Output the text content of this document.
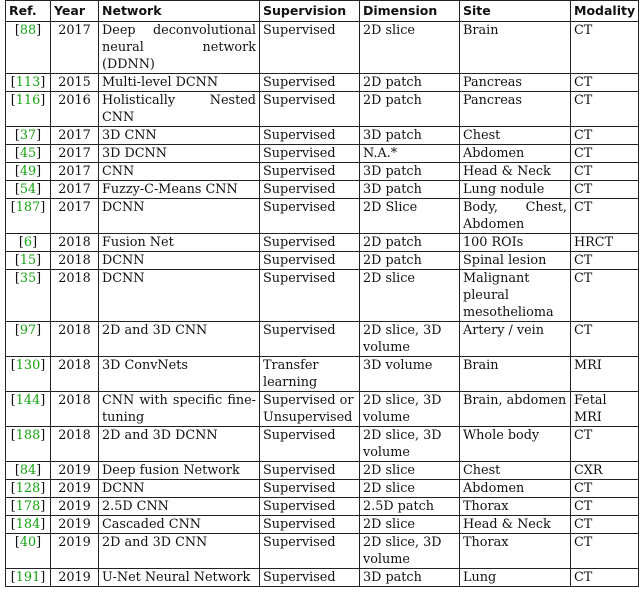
Ref.	Year	Network	Supervision	Dimension	Site	Modality
[88]	2017	Deep deconvolutional neural network (DDNN)	Supervised	2D slice	Brain	CT
[113]	2015	Multi-level DCNN	Supervised	2D patch	Pancreas	CT
[116]	2016	Holistically Nested CNN	Supervised	2D patch	Pancreas	CT
[37]	2017	3D CNN	Supervised	3D patch	Chest	CT
[45]	2017	3D DCNN	Supervised	N.A.*	Abdomen	CT
[49]	2017	CNN	Supervised	3D patch	Head & Neck	CT
[54]	2017	Fuzzy-C-Means CNN	Supervised	3D patch	Lung nodule	CT
[187]	2017	DCNN	Supervised	2D Slice	Body, Chest, Abdomen	CT
[6]	2018	Fusion Net	Supervised	2D patch	100 ROIs	HRCT
[15]	2018	DCNN	Supervised	2D patch	Spinal lesion	CT
[35]	2018	DCNN	Supervised	2D slice	Malignant pleural mesothelioma	CT
[97]	2018	2D and 3D CNN	Supervised	2D slice, 3D volume	Artery / vein	CT
[130]	2018	3D ConvNets	Transfer learning	3D volume	Brain	MRI
[144]	2018	CNN with specific fine-tuning	Supervised or Unsupervised	2D slice, 3D volume	Brain, abdomen	Fetal MRI
[188]	2018	2D and 3D DCNN	Supervised	2D slice, 3D volume	Whole body	CT
[84]	2019	Deep fusion Network	Supervised	2D slice	Chest	CXR
[128]	2019	DCNN	Supervised	2D slice	Abdomen	CT
[178]	2019	2.5D CNN	Supervised	2.5D patch	Thorax	CT
[184]	2019	Cascaded CNN	Supervised	2D slice	Head & Neck	CT
[40]	2019	2D and 3D CNN	Supervised	2D slice, 3D volume	Thorax	CT
[191]	2019	U-Net Neural Network	Supervised	3D patch	Lung	CT
